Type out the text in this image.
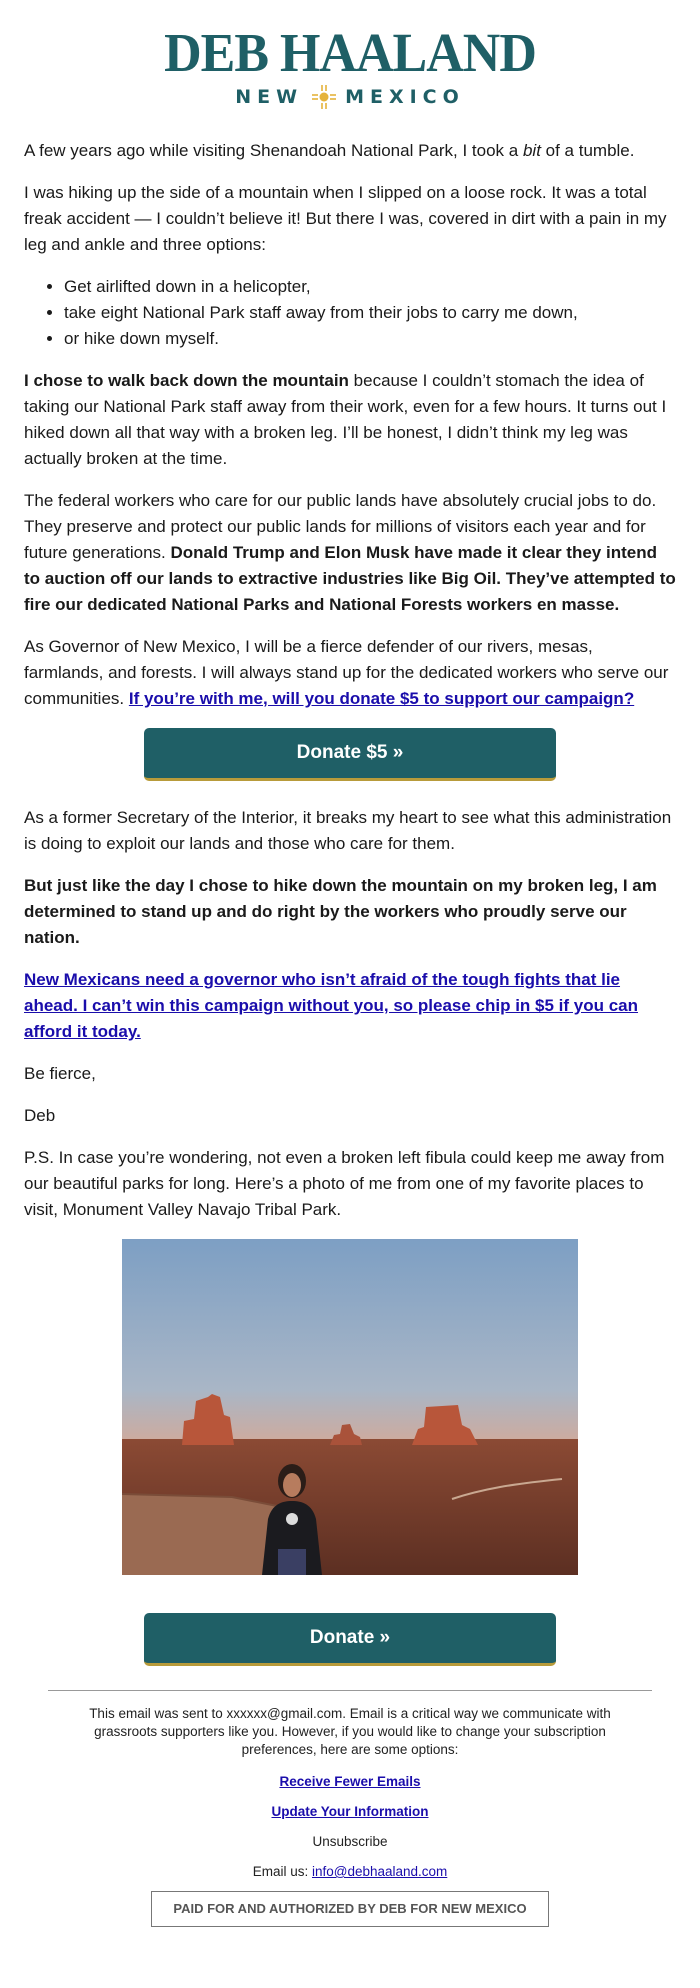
DEB HAALAND
NEW MEXICO

A few years ago while visiting Shenandoah National Park, I took a bit of a tumble.

I was hiking up the side of a mountain when I slipped on a loose rock. It was a total freak accident — I couldn’t believe it! But there I was, covered in dirt with a pain in my leg and ankle and three options:

• Get airlifted down in a helicopter,
• take eight National Park staff away from their jobs to carry me down,
• or hike down myself.

I chose to walk back down the mountain because I couldn’t stomach the idea of taking our National Park staff away from their work, even for a few hours. It turns out I hiked down all that way with a broken leg. I’ll be honest, I didn’t think my leg was actually broken at the time.

The federal workers who care for our public lands have absolutely crucial jobs to do. They preserve and protect our public lands for millions of visitors each year and for future generations. Donald Trump and Elon Musk have made it clear they intend to auction off our lands to extractive industries like Big Oil. They’ve attempted to fire our dedicated National Parks and National Forests workers en masse.

As Governor of New Mexico, I will be a fierce defender of our rivers, mesas, farmlands, and forests. I will always stand up for the dedicated workers who serve our communities. If you’re with me, will you donate $5 to support our campaign?

Donate $5 »

As a former Secretary of the Interior, it breaks my heart to see what this administration is doing to exploit our lands and those who care for them.

But just like the day I chose to hike down the mountain on my broken leg, I am determined to stand up and do right by the workers who proudly serve our nation.

New Mexicans need a governor who isn’t afraid of the tough fights that lie ahead. I can’t win this campaign without you, so please chip in $5 if you can afford it today.

Be fierce,

Deb

P.S. In case you’re wondering, not even a broken left fibula could keep me away from our beautiful parks for long. Here’s a photo of me from one of my favorite places to visit, Monument Valley Navajo Tribal Park.

Donate »
This email was sent to xxxxxx@gmail.com. Email is a critical way we communicate with grassroots supporters like you. However, if you would like to change your subscription preferences, here are some options:
Receive Fewer Emails
Update Your Information
Unsubscribe
Email us: info@debhaaland.com
PAID FOR AND AUTHORIZED BY DEB FOR NEW MEXICO
